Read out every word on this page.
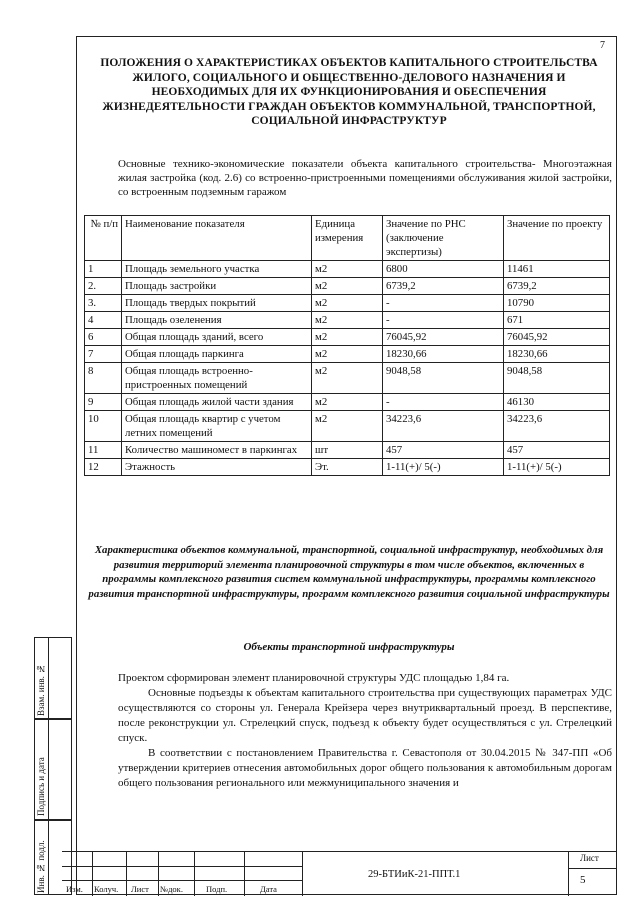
7
ПОЛОЖЕНИЯ О ХАРАКТЕРИСТИКАХ ОБЪЕКТОВ КАПИТАЛЬНОГО СТРОИТЕЛЬСТВА ЖИЛОГО, СОЦИАЛЬНОГО И ОБЩЕСТВЕННО-ДЕЛОВОГО НАЗНАЧЕНИЯ И НЕОБХОДИМЫХ ДЛЯ ИХ ФУНКЦИОНИРОВАНИЯ И ОБЕСПЕЧЕНИЯ ЖИЗНЕДЕЯТЕЛЬНОСТИ ГРАЖДАН ОБЪЕКТОВ КОММУНАЛЬНОЙ, ТРАНСПОРТНОЙ, СОЦИАЛЬНОЙ ИНФРАСТРУКТУР
Основные технико-экономические показатели объекта капитального строительства- Многоэтажная жилая застройка (код. 2.6) со встроенно-пристроенными помещениями обслуживания жилой застройки, со встроенным подземным гаражом
№ п/п	Наименование показателя	Единица измерения	Значение по РНС (заключение экспертизы)	Значение по проекту
1	Площадь земельного участка	м2	6800	11461
2.	Площадь застройки	м2	6739,2	6739,2
3.	Площадь твердых покрытий	м2	-	10790
4	Площадь озеленения	м2	-	671
6	Общая площадь зданий, всего	м2	76045,92	76045,92
7	Общая площадь паркинга	м2	18230,66	18230,66
8	Общая площадь встроенно-пристроенных помещений	м2	9048,58	9048,58
9	Общая площадь жилой части здания	м2	-	46130
10	Общая площадь квартир с учетом летних помещений	м2	34223,6	34223,6
11	Количество машиномест в паркингах	шт	457	457
12	Этажность	Эт.	1-11(+)/ 5(-)	1-11(+)/ 5(-)
Характеристика объектов коммунальной, транспортной, социальной инфраструктур, необходимых для развития территорий элемента планировочной структуры в том числе объектов, включенных в программы комплексного развития систем коммунальной инфраструктуры, программы комплексного развития транспортной инфраструктуры, программ комплексного развития социальной инфраструктуры
Объекты транспортной инфраструктуры

Проектом сформирован элемент планировочной структуры УДС площадью 1,84 га.

Основные подъезды к объектам капитального строительства при существующих параметрах УДС осуществляются со стороны ул. Генерала Крейзера через внутриквартальный проезд. В перспективе, после реконструкции ул. Стрелецкий спуск, подъезд к объекту будет осуществляться с ул. Стрелецкий спуск.

В соответствии с постановлением Правительства г. Севастополя от 30.04.2015 № 347-ПП «Об утверждении критериев отнесения автомобильных дорог общего пользования к автомобильным дорогам общего пользования регионального или межмуниципального значения и

Взам. инв. №
Подпись и дата
Инв. № подл. Изм. Колуч. Лист №док.	Подп.	Дата
29-БТИиК-21-ППТ.1
Лист
5
